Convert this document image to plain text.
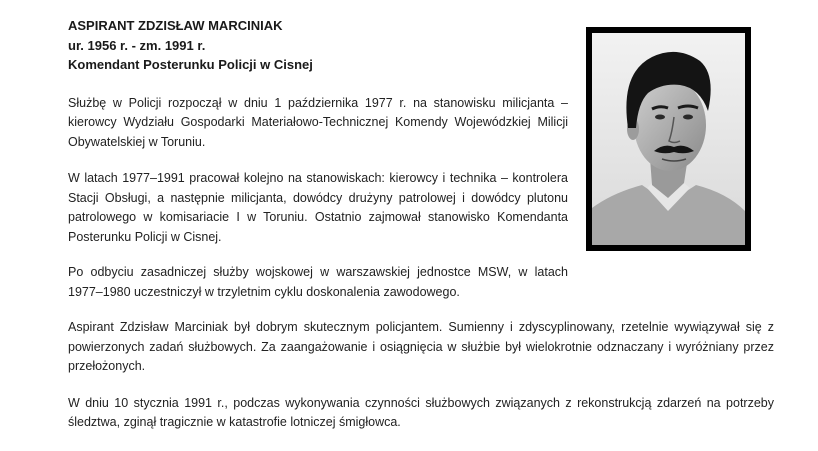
ASPIRANT ZDZISŁAW MARCINIAK

ur. 1956 r. - zm. 1991 r.

Komendant Posterunku Policji w Cisnej

Służbę w Policji rozpoczął w dniu 1 października 1977 r. na stanowisku milicjanta – kierowcy Wydziału Gospodarki Materiałowo-Technicznej Komendy Wojewódzkiej Milicji Obywatelskiej w Toruniu.

W latach 1977–1991 pracował kolejno na stanowiskach: kierowcy i technika – kontrolera Stacji Obsługi, a następnie milicjanta, dowódcy drużyny patrolowej i dowódcy plutonu patrolowego w komisariacie I w Toruniu. Ostatnio zajmował stanowisko Komendanta Posterunku Policji w Cisnej.

Po odbyciu zasadniczej służby wojskowej w warszawskiej jednostce MSW, w latach 1977–1980 uczestniczył w trzyletnim cyklu doskonalenia zawodowego.

Aspirant Zdzisław Marciniak był dobrym skutecznym policjantem. Sumienny i zdyscyplinowany, rzetelnie wywiązywał się z powierzonych zadań służbowych. Za zaangażowanie i osiągnięcia w służbie był wielokrotnie odznaczany i wyróżniany przez przełożonych.

W dniu 10 stycznia 1991 r., podczas wykonywania czynności służbowych związanych z rekonstrukcją zdarzeń na potrzeby śledztwa, zginął tragicznie w katastrofie lotniczej śmigłowca.
